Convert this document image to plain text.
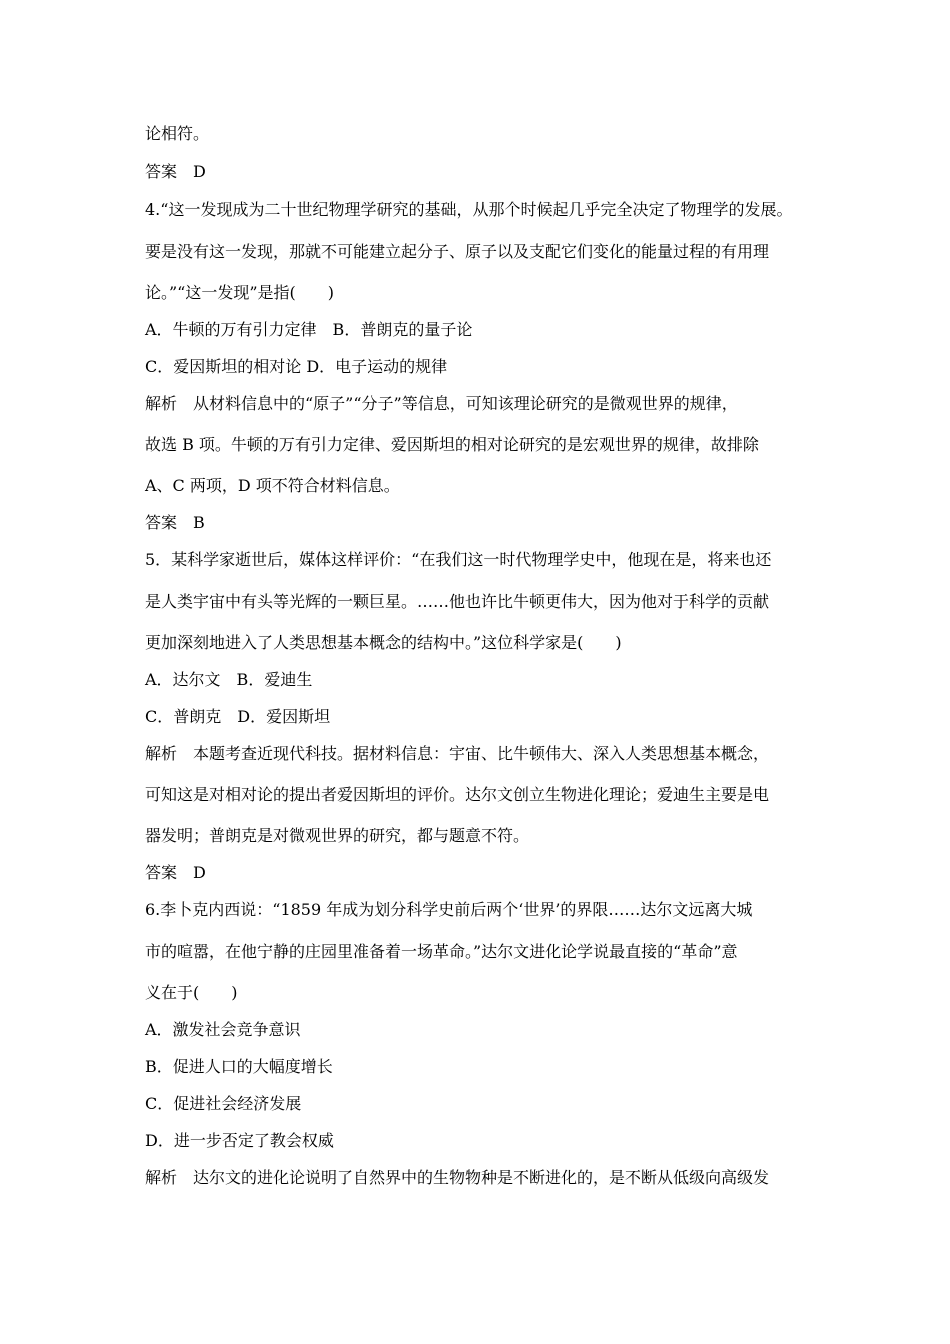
论相符。
答案　D
4.“这一发现成为二十世纪物理学研究的基础，从那个时候起几乎完全决定了物理学的发展。
要是没有这一发现，那就不可能建立起分子、原子以及支配它们变化的能量过程的有用理
论。”“这一发现”是指(　　)
A．牛顿的万有引力定律　B．普朗克的量子论
C．爱因斯坦的相对论 D．电子运动的规律
解析　从材料信息中的“原子”“分子”等信息，可知该理论研究的是微观世界的规律，
故选 B 项。牛顿的万有引力定律、爱因斯坦的相对论研究的是宏观世界的规律，故排除
A、C 两项，D 项不符合材料信息。
答案　B
5．某科学家逝世后，媒体这样评价：“在我们这一时代物理学史中，他现在是，将来也还
是人类宇宙中有头等光辉的一颗巨星。……他也许比牛顿更伟大，因为他对于科学的贡献
更加深刻地进入了人类思想基本概念的结构中。”这位科学家是(　　)
A．达尔文　B．爱迪生
C．普朗克　D．爱因斯坦
解析　本题考查近现代科技。据材料信息：宇宙、比牛顿伟大、深入人类思想基本概念，
可知这是对相对论的提出者爱因斯坦的评价。达尔文创立生物进化理论；爱迪生主要是电
器发明；普朗克是对微观世界的研究，都与题意不符。
答案　D
6.李卜克内西说：“1859 年成为划分科学史前后两个‘世界’的界限……达尔文远离大城
市的喧嚣，在他宁静的庄园里准备着一场革命。”达尔文进化论学说最直接的“革命”意
义在于(　　)
A．激发社会竞争意识
B．促进人口的大幅度增长
C．促进社会经济发展
D．进一步否定了教会权威
解析　达尔文的进化论说明了自然界中的生物物种是不断进化的，是不断从低级向高级发
